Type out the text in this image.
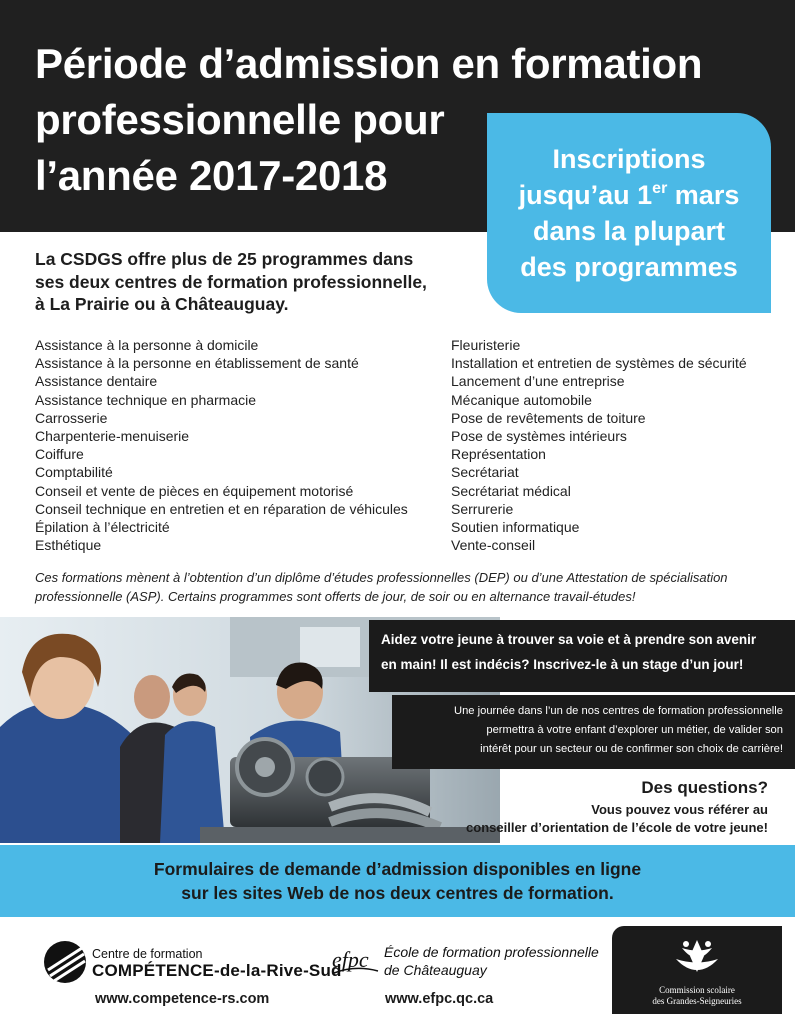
Période d’admission en formation
professionnelle pour
l’année 2017-2018	Inscriptions
jusqu’au 1er mars
dans la plupart
des programmes

La CSDGS offre plus de 25 programmes dans
ses deux centres de formation professionnelle,
à La Prairie ou à Châteauguay.

Assistance à la personne à domicile
Assistance à la personne en établissement de santé
Assistance dentaire
Assistance technique en pharmacie
Carrosserie
Charpenterie-menuiserie
Coiffure
Comptabilité
Conseil et vente de pièces en équipement motorisé
Conseil technique en entretien et en réparation de véhicules
Épilation à l’électricité
Esthétique
Fleuristerie
Installation et entretien de systèmes de sécurité
Lancement d’une entreprise
Mécanique automobile
Pose de revêtements de toiture
Pose de systèmes intérieurs
Représentation
Secrétariat
Secrétariat médical
Serrurerie
Soutien informatique
Vente-conseil

Ces formations mènent à l’obtention d’un diplôme d’études professionnelles (DEP) ou d’une Attestation de spécialisation
professionnelle (ASP). Certains programmes sont offerts de jour, de soir ou en alternance travail-études!

Aidez votre jeune à trouver sa voie et à prendre son avenir
en main! Il est indécis? Inscrivez-le à un stage d’un jour!
Une journée dans l’un de nos centres de formation professionnelle
permettra à votre enfant d’explorer un métier, de valider son
intérêt pour un secteur ou de confirmer son choix de carrière!
Des questions?
Vous pouvez vous référer au
conseiller d’orientation de l’école de votre jeune!
Formulaires de demande d’admission disponibles en ligne
sur les sites Web de nos deux centres de formation.
Centre de formation
COMPÉTENCE-de-la-Rive-Sud
www.competence-rs.com
efpc École de formation professionnelle
de Châteauguay
www.efpc.qc.ca
Commission scolaire
des Grandes-Seigneuries
